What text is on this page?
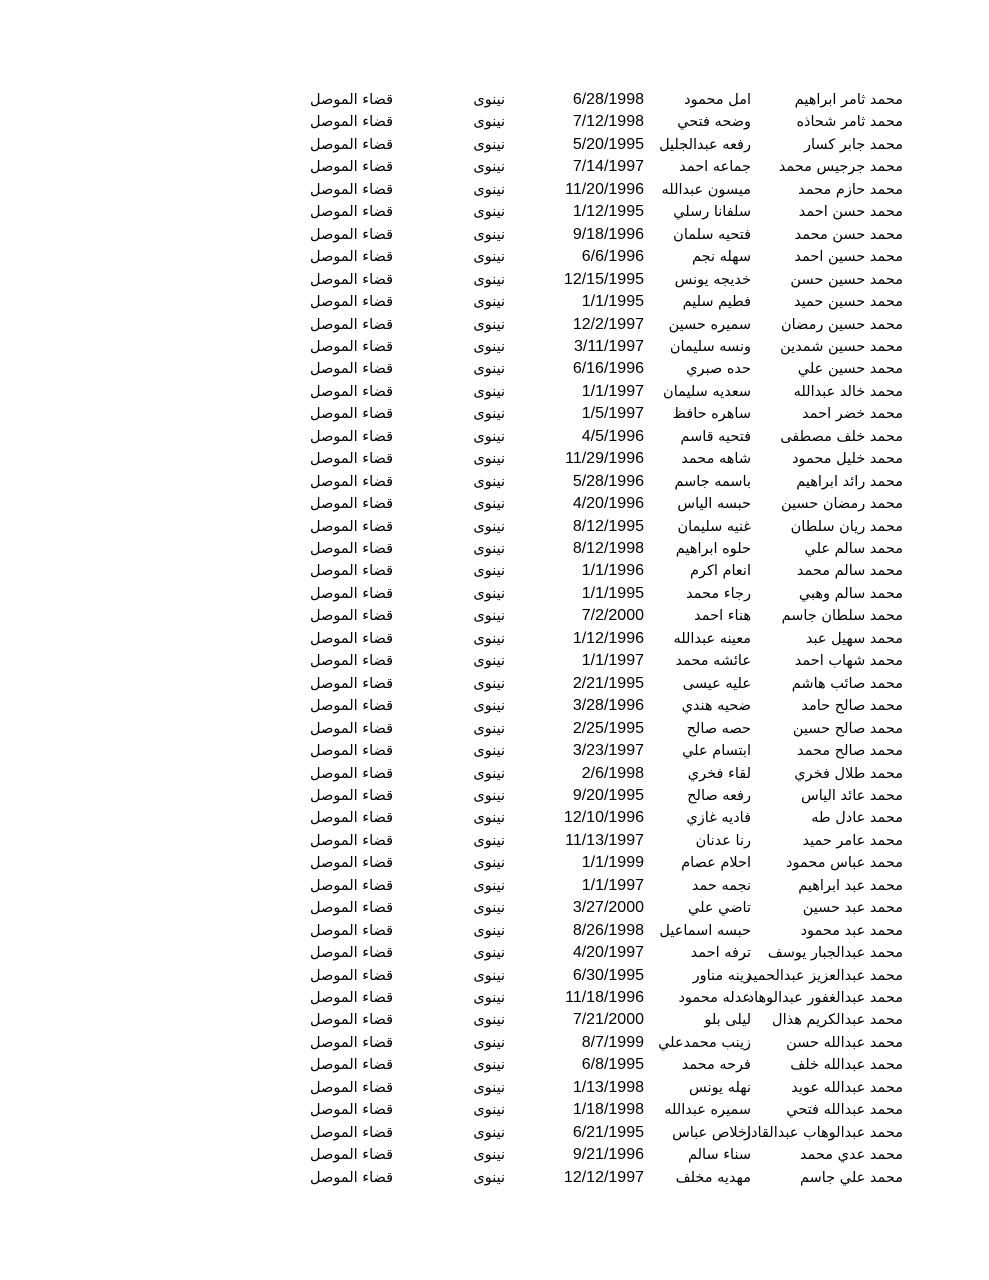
محمد ثامر ابراهيم
امل محمود
6/28/1998
نينوى
قضاء الموصل
محمد ثامر شحاذه
وضحه فتحي
7/12/1998
نينوى
قضاء الموصل
محمد جابر كسار
رفعه عبدالجليل
5/20/1995
نينوى
قضاء الموصل
محمد جرجيس محمد
جماعه احمد
7/14/1997
نينوى
قضاء الموصل
محمد حازم محمد
ميسون عبدالله
11/20/1996
نينوى
قضاء الموصل
محمد حسن احمد
سلفانا رسلي
1/12/1995
نينوى
قضاء الموصل
محمد حسن محمد
فتحيه سلمان
9/18/1996
نينوى
قضاء الموصل
محمد حسين احمد
سهله نجم
6/6/1996
نينوى
قضاء الموصل
محمد حسين حسن
خديجه يونس
12/15/1995
نينوى
قضاء الموصل
محمد حسين حميد
فطيم سليم
1/1/1995
نينوى
قضاء الموصل
محمد حسين رمضان
سميره حسين
12/2/1997
نينوى
قضاء الموصل
محمد حسين شمدين
ونسه سليمان
3/11/1997
نينوى
قضاء الموصل
محمد حسين علي
حده صبري
6/16/1996
نينوى
قضاء الموصل
محمد خالد عبدالله
سعديه سليمان
1/1/1997
نينوى
قضاء الموصل
محمد خضر احمد
ساهره حافظ
1/5/1997
نينوى
قضاء الموصل
محمد خلف مصطفى
فتحيه قاسم
4/5/1996
نينوى
قضاء الموصل
محمد خليل محمود
شاهه محمد
11/29/1996
نينوى
قضاء الموصل
محمد رائد ابراهيم
باسمه جاسم
5/28/1996
نينوى
قضاء الموصل
محمد رمضان حسين
حبسه الياس
4/20/1996
نينوى
قضاء الموصل
محمد ريان سلطان
غنيه سليمان
8/12/1995
نينوى
قضاء الموصل
محمد سالم علي
حلوه ابراهيم
8/12/1998
نينوى
قضاء الموصل
محمد سالم محمد
انعام اكرم
1/1/1996
نينوى
قضاء الموصل
محمد سالم وهبي
رجاء محمد
1/1/1995
نينوى
قضاء الموصل
محمد سلطان جاسم
هناء احمد
7/2/2000
نينوى
قضاء الموصل
محمد سهيل عبد
معينه عبدالله
1/12/1996
نينوى
قضاء الموصل
محمد شهاب احمد
عائشه محمد
1/1/1997
نينوى
قضاء الموصل
محمد صائب هاشم
عليه عيسى
2/21/1995
نينوى
قضاء الموصل
محمد صالح حامد
ضحيه هندي
3/28/1996
نينوى
قضاء الموصل
محمد صالح حسين
حصه صالح
2/25/1995
نينوى
قضاء الموصل
محمد صالح محمد
ابتسام علي
3/23/1997
نينوى
قضاء الموصل
محمد طلال فخري
لقاء فخري
2/6/1998
نينوى
قضاء الموصل
محمد عائد الياس
رفعه صالح
9/20/1995
نينوى
قضاء الموصل
محمد عادل طه
فاديه غازي
12/10/1996
نينوى
قضاء الموصل
محمد عامر حميد
رنا عدنان
11/13/1997
نينوى
قضاء الموصل
محمد عباس محمود
احلام عصام
1/1/1999
نينوى
قضاء الموصل
محمد عبد ابراهيم
نجمه حمد
1/1/1997
نينوى
قضاء الموصل
محمد عبد حسين
تاضي علي
3/27/2000
نينوى
قضاء الموصل
محمد عبد محمود
حبسه اسماعيل
8/26/1998
نينوى
قضاء الموصل
محمد عبدالجبار يوسف
ترفه احمد
4/20/1997
نينوى
قضاء الموصل
محمد عبدالعزيز عبدالحميد
زينه مناور
6/30/1995
نينوى
قضاء الموصل
محمد عبدالغفور عبدالوهاد
عدله محمود
11/18/1996
نينوى
قضاء الموصل
محمد عبدالكريم هذال
ليلى بلو
7/21/2000
نينوى
قضاء الموصل
محمد عبدالله حسن
زينب محمدعلي
8/7/1999
نينوى
قضاء الموصل
محمد عبدالله خلف
فرحه محمد
6/8/1995
نينوى
قضاء الموصل
محمد عبدالله عويد
نهله يونس
1/13/1998
نينوى
قضاء الموصل
محمد عبدالله فتحي
سميره عبدالله
1/18/1998
نينوى
قضاء الموصل
محمد عبدالوهاب عبدالقادر
اخلاص عباس
6/21/1995
نينوى
قضاء الموصل
محمد عدي محمد
سناء سالم
9/21/1996
نينوى
قضاء الموصل
محمد علي جاسم
مهديه مخلف
12/12/1997
نينوى
قضاء الموصل
